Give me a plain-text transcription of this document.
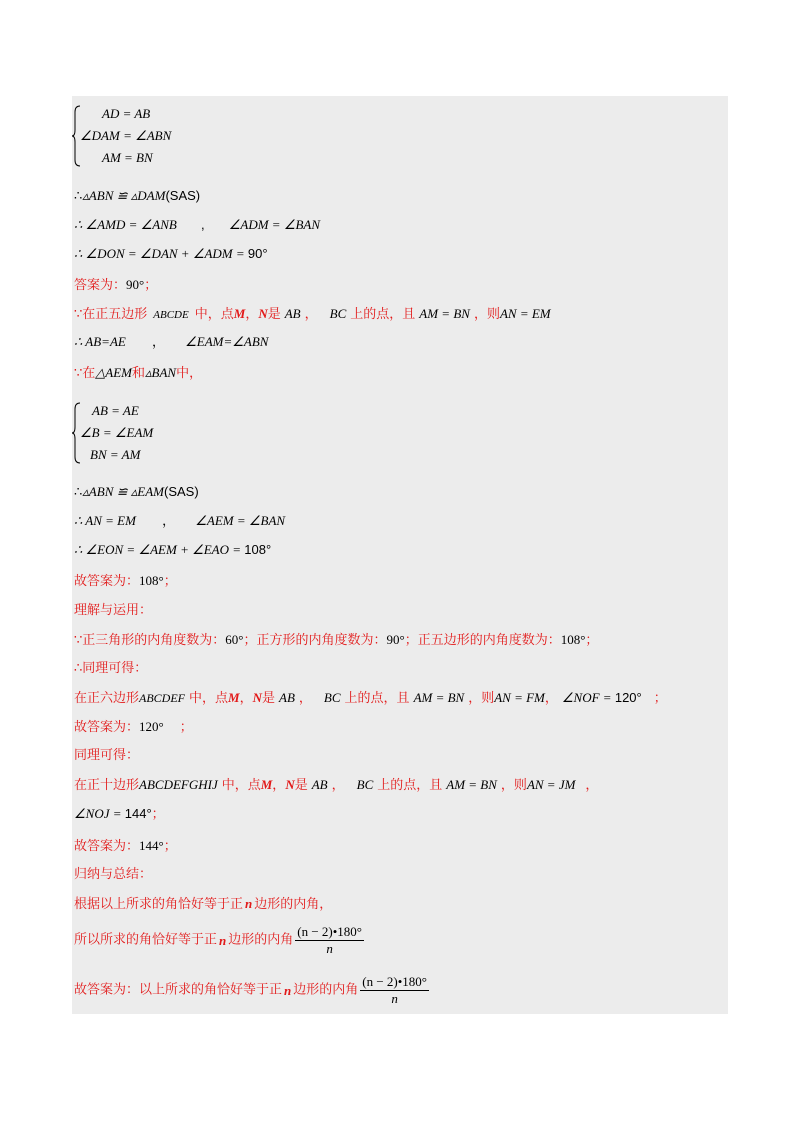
AD = AB
∠DAM = ∠ABN
AM = BN
∴▵ABN ≌ ▵DAM(SAS)
∴ ∠AMD = ∠ANB , ∠ADM = ∠BAN
∴ ∠DON = ∠DAN + ∠ADM = 90°
答案为：90°；
∵在正五边形 ABCDE 中，点M，N是 AB ， BC 上的点，且 AM = BN ，则AN = EM
∴ AB=AE ， ∠EAM=∠ABN
∵在△AEM和▵BAN中，
AB = AE
∠B = ∠EAM
BN = AM
∴▵ABN ≌ ▵EAM(SAS)
∴ AN = EM ， ∠AEM = ∠BAN
∴ ∠EON = ∠AEM + ∠EAO = 108°
故答案为：108°；
理解与运用：
∵正三角形的内角度数为：60°；正方形的内角度数为：90°；正五边形的内角度数为：108°；
∴同理可得：
在正六边形ABCDEF 中，点M，N是 AB ， BC 上的点，且 AM = BN ，则AN = FM， ∠NOF = 120° ；
故答案为：120° ；
同理可得：
在正十边形ABCDEFGHIJ 中，点M，N是 AB ， BC 上的点，且 AM = BN ，则AN = JM ，
∠NOJ = 144°；
故答案为：144°；
归纳与总结：
根据以上所求的角恰好等于正 n 边形的内角，
所以所求的角恰好等于正 n 边形的内角 $\frac{(n - 2)•180^\circ}{n}$
故答案为：以上所求的角恰好等于正 n 边形的内角 $\frac{(n - 2)•180^\circ}{n}$
